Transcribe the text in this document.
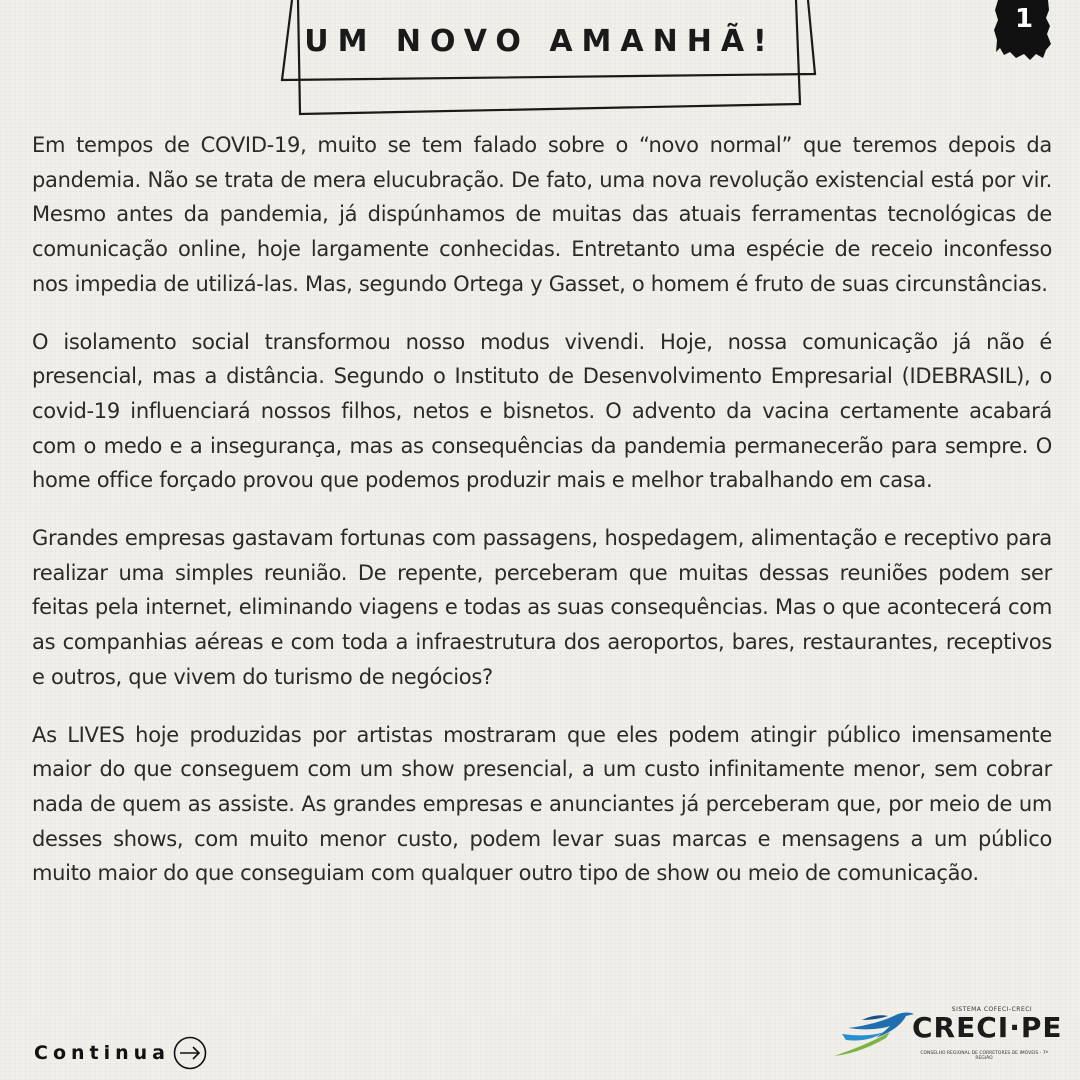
UM NOVO AMANHÃ!
1

Em tempos de COVID-19, muito se tem falado sobre o “novo normal” que teremos depois da pandemia. Não se trata de mera elucubração. De fato, uma nova revolução existencial está por vir. Mesmo antes da pandemia, já dispúnhamos de muitas das atuais ferramentas tecnológicas de comunicação online, hoje largamente conhecidas. Entretanto uma espécie de receio inconfesso nos impedia de utilizá-las. Mas, segundo Ortega y Gasset, o homem é fruto de suas circunstâncias.

O isolamento social transformou nosso modus vivendi. Hoje, nossa comunicação já não é presencial, mas a distância. Segundo o Instituto de Desenvolvimento Empresarial (IDEBRASIL), o covid-19 influenciará nossos filhos, netos e bisnetos. O advento da vacina certamente acabará com o medo e a insegurança, mas as consequências da pandemia permanecerão para sempre. O home office forçado provou que podemos produzir mais e melhor trabalhando em casa.

Grandes empresas gastavam fortunas com passagens, hospedagem, alimentação e receptivo para realizar uma simples reunião. De repente, perceberam que muitas dessas reuniões podem ser feitas pela internet, eliminando viagens e todas as suas consequências. Mas o que acontecerá com as companhias aéreas e com toda a infraestrutura dos aeroportos, bares, restaurantes, receptivos e outros, que vivem do turismo de negócios?

As LIVES hoje produzidas por artistas mostraram que eles podem atingir público imensamente maior do que conseguem com um show presencial, a um custo infinitamente menor, sem cobrar nada de quem as assiste. As grandes empresas e anunciantes já perceberam que, por meio de um desses shows, com muito menor custo, podem levar suas marcas e mensagens a um público muito maior do que conseguiam com qualquer outro tipo de show ou meio de comunicação.

Continua
SISTEMA COFECI-CRECI
CRECI·PE
CONSELHO REGIONAL DE CORRETORES DE IMÓVEIS - 7ª REGIÃO
